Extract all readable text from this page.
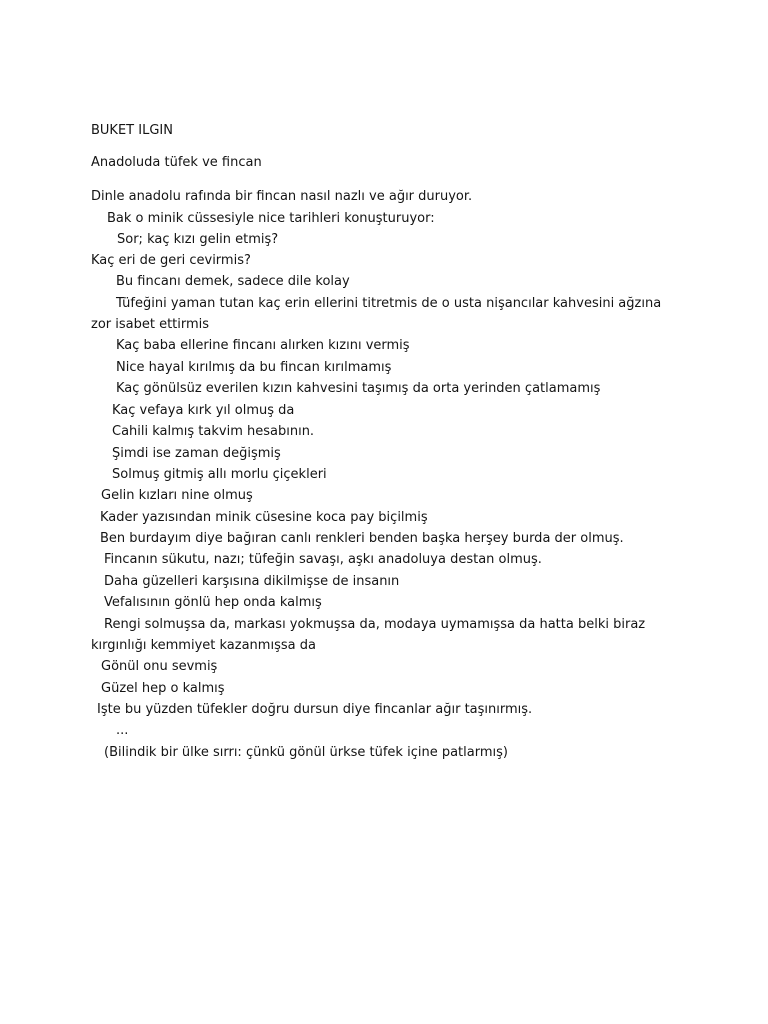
BUKET ILGIN

Anadoluda tüfek ve fincan

Dinle anadolu rafında bir fincan nasıl nazlı ve ağır duruyor.

Bak o minik cüssesiyle nice tarihleri konuşturuyor:

Sor; kaç kızı gelin etmiş?

Kaç eri de geri cevirmis?

Bu fincanı demek, sadece dile kolay

Tüfeğini yaman tutan kaç erin ellerini titretmis de o usta nişancılar kahvesini ağzına

zor isabet ettirmis

Kaç baba ellerine fincanı alırken kızını vermiş

Nice hayal kırılmış da bu fincan kırılmamış

Kaç gönülsüz everilen kızın kahvesini taşımış da orta yerinden çatlamamış

Kaç vefaya kırk yıl olmuş da

Cahili kalmış takvim hesabının.

Şimdi ise zaman değişmiş

Solmuş gitmiş allı morlu çiçekleri

Gelin kızları nine olmuş

Kader yazısından minik cüsesine koca pay biçilmiş

Ben burdayım diye bağıran canlı renkleri benden başka herşey burda der olmuş.

Fincanın sükutu, nazı; tüfeğin savaşı, aşkı anadoluya destan olmuş.

Daha güzelleri karşısına dikilmişse de insanın

Vefalısının gönlü hep onda kalmış

Rengi solmuşsa da, markası yokmuşsa da, modaya uymamışsa da hatta belki biraz

kırgınlığı kemmiyet kazanmışsa da

Gönül onu sevmiş

Güzel hep o kalmış

Işte bu yüzden tüfekler doğru dursun diye fincanlar ağır taşınırmış.

...

(Bilindik bir ülke sırrı: çünkü gönül ürkse tüfek içine patlarmış)
